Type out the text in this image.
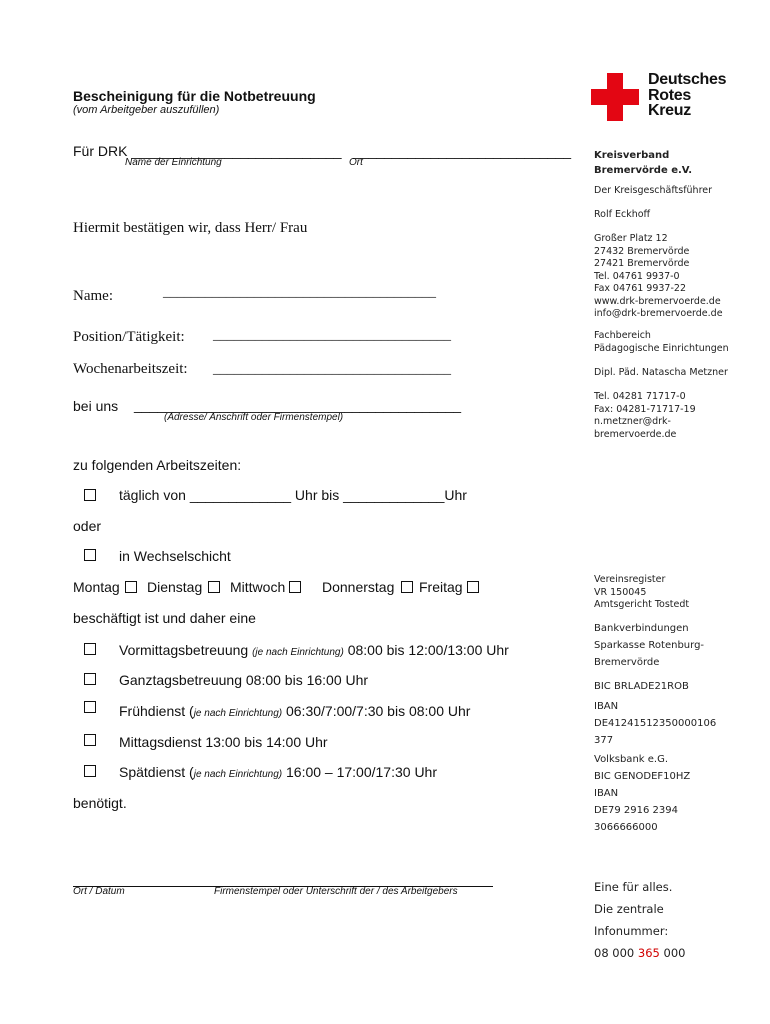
Bescheinigung für die Notbetreuung
(vom Arbeitgeber auszufüllen)
Deutsches
Rotes
Kreuz
Für DRK ___________________________ ____________________________
Name der Einrichtung	Ort
Hiermit bestätigen wir, dass Herr/ Frau
Name:	_______________________________________
Position/Tätigkeit: __________________________________
Wochenarbeitszeit: __________________________________
bei uns __________________________________________
(Adresse/ Anschrift oder Firmenstempel)
zu folgenden Arbeitszeiten:
täglich von _____________ Uhr bis _____________Uhr
oder
in Wechselschicht
Montag Dienstag Mittwoch	Donnerstag Freitag
beschäftigt ist und daher eine
Vormittagsbetreuung (je nach Einrichtung) 08:00 bis 12:00/13:00 Uhr
Ganztagsbetreuung 08:00 bis 16:00 Uhr
Frühdienst (je nach Einrichtung) 06:30/7:00/7:30 bis 08:00 Uhr
Mittagsdienst 13:00 bis 14:00 Uhr
Spätdienst (je nach Einrichtung) 16:00 – 17:00/17:30 Uhr
benötigt.
Ort / Datum	Firmenstempel oder Unterschrift der / des Arbeitgebers
Kreisverband
Bremervörde e.V.
Der Kreisgeschäftsführer
Rolf Eckhoff
Großer Platz 12
27432 Bremervörde
27421 Bremervörde
Tel. 04761 9937-0
Fax 04761 9937-22
www.drk-bremervoerde.de
info@drk-bremervoerde.de
Fachbereich
Pädagogische Einrichtungen
Dipl. Päd. Natascha Metzner
Tel. 04281 71717-0
Fax: 04281-71717-19
n.metzner@drk-
bremervoerde.de
Vereinsregister
VR 150045
Amtsgericht Tostedt
Bankverbindungen
Sparkasse Rotenburg-
Bremervörde
BIC BRLADE21ROB
IBAN
DE41241512350000106
377
Volksbank e.G.
BIC GENODEF10HZ
IBAN
DE79 2916 2394
3066666000
Eine für alles.
Die zentrale
Infonummer:
08 000 365 000
